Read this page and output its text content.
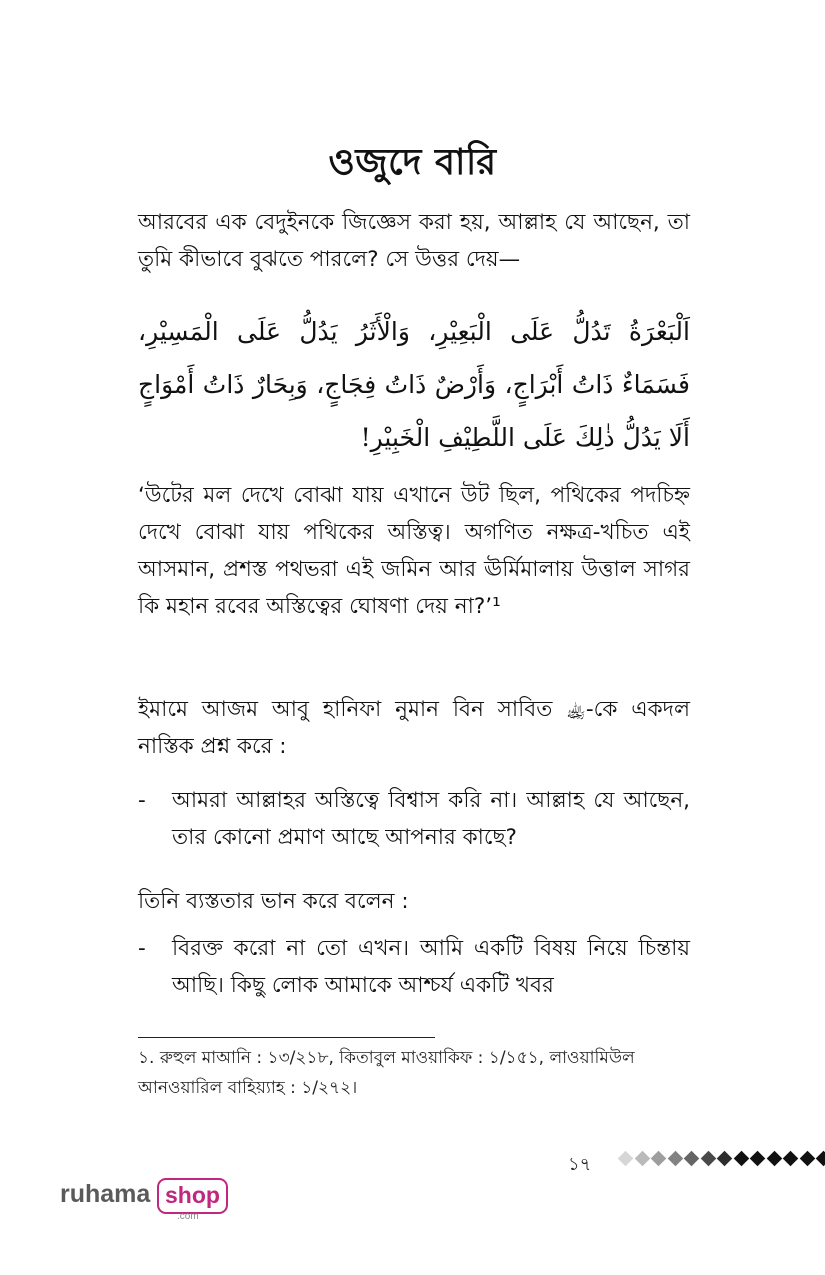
ওজুদে বারি
আরবের এক বেদুইনকে জিজ্ঞেস করা হয়, আল্লাহ যে আছেন, তা তুমি কীভাবে বুঝতে পারলে? সে উত্তর দেয়—
اَلْبَعْرَةُ تَدُلُّ عَلَى الْبَعِيْرِ، وَالْأَثَرُ يَدُلُّ عَلَى الْمَسِيْرِ، فَسَمَاءٌ ذَاتُ أَبْرَاجٍ، وَأَرْضٌ ذَاتُ فِجَاجٍ، وَبِحَارٌ ذَاتُ أَمْوَاجٍ أَلَا يَدُلُّ ذٰلِكَ عَلَى اللَّطِيْفِ الْخَبِيْرِ!
‘উটের মল দেখে বোঝা যায় এখানে উট ছিল, পথিকের পদচিহ্ন দেখে বোঝা যায় পথিকের অস্তিত্ব। অগণিত নক্ষত্র-খচিত এই আসমান, প্রশস্ত পথভরা এই জমিন আর ঊর্মিমালায় উত্তাল সাগর কি মহান রবের অস্তিত্বের ঘোষণা দেয় না?’¹
ইমামে আজম আবু হানিফা নুমান বিন সাবিত ﵀-কে একদল নাস্তিক প্রশ্ন করে :
- আমরা আল্লাহর অস্তিত্বে বিশ্বাস করি না। আল্লাহ যে আছেন, তার কোনো প্রমাণ আছে আপনার কাছে?
তিনি ব্যস্ততার ভান করে বলেন :
- বিরক্ত করো না তো এখন। আমি একটি বিষয় নিয়ে চিন্তায় আছি। কিছু লোক আমাকে আশ্চর্য একটি খবর
১. রুহুল মাআনি : ১৩/২১৮, কিতাবুল মাওয়াকিফ : ১/১৫১, লাওয়ামিউল আনওয়ারিল বাহিয়্যাহ : ১/২৭২।
১৭
ruhama shop
.com
